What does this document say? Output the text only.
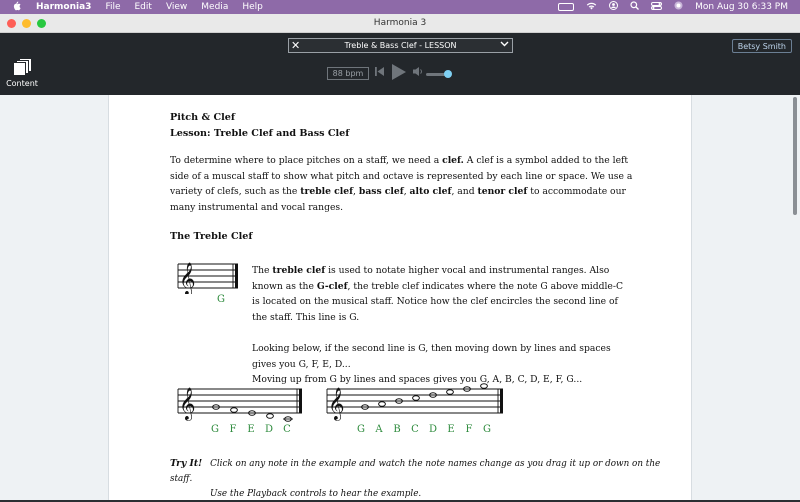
Harmonia3 File Edit View Media Help	Mon Aug 30 6:33 PM
Harmonia 3
Content
✕	Treble & Bass Clef - LESSON	Betsy Smith
88 bpm
Pitch & Clef
Lesson: Treble Clef and Bass Clef
To determine where to place pitches on a staff, we need a clef. A clef is a symbol added to the left side of a muscal staff to show what pitch and octave is represented by each line or space. We use a variety of clefs, such as the treble clef, bass clef, alto clef, and tenor clef to accommodate our many instrumental and vocal ranges.
The Treble Clef
𝄞
G
The treble clef is used to notate higher vocal and instrumental ranges. Also known as the G-clef, the treble clef indicates where the note G above middle-C is located on the musical staff. Notice how the clef encircles the second line of the staff. This line is G.
Looking below, if the second line is G, then moving down by lines and spaces gives you G, F, E, D...
Moving up from G by lines and spaces gives you G, A, B, C, D, E, F, G...
𝄞
G F E D C
𝄞
G A B C D E F G
Try It! Click on any note in the example and watch the note names change as you drag it up or down on the staff.
Use the Playback controls to hear the example.
